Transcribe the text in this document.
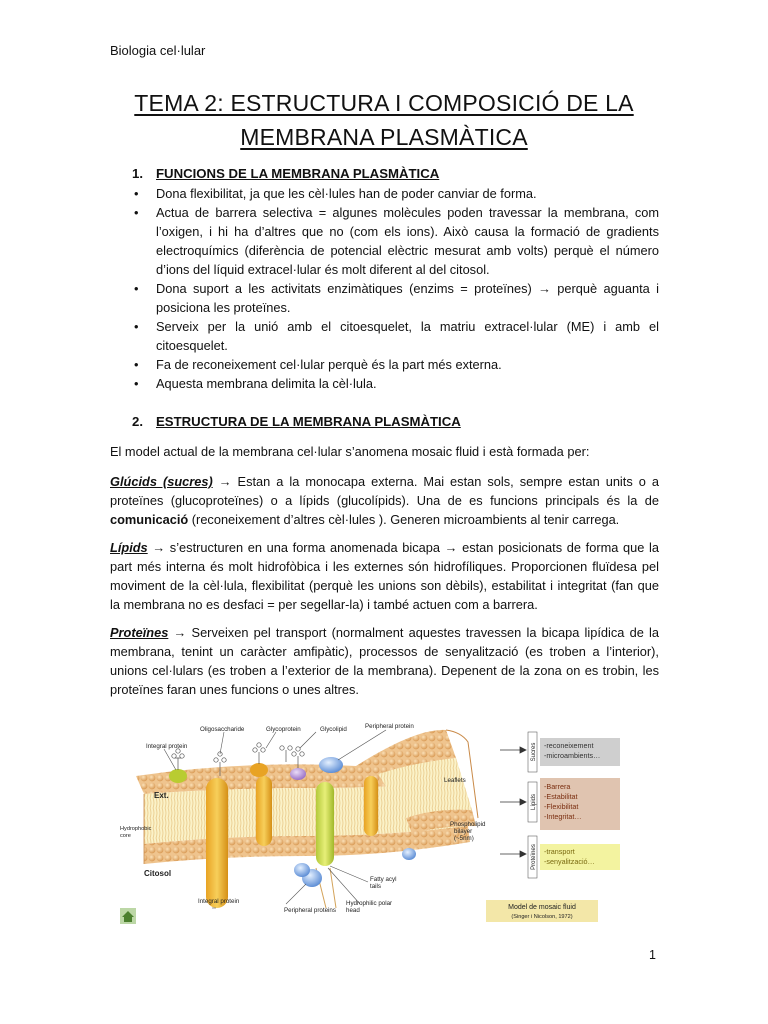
Biologia cel·lular
TEMA 2: ESTRUCTURA I COMPOSICIÓ DE LA
MEMBRANA PLASMÀTICA
1. FUNCIONS DE LA MEMBRANA PLASMÀTICA
• Dona flexibilitat, ja que les cèl·lules han de poder canviar de forma.
• Actua de barrera selectiva = algunes molècules poden travessar la membrana, com l’oxigen, i hi ha d’altres que no (com els ions). Això causa la formació de gradients electroquímics (diferència de potencial elèctric mesurat amb volts) perquè el número d’ions del líquid extracel·lular és molt diferent al del citosol.
• Dona suport a les activitats enzimàtiques (enzims = proteïnes) → perquè aguanta i posiciona les proteïnes.
• Serveix per la unió amb el citoesquelet, la matriu extracel·lular (ME) i amb el citoesquelet.
• Fa de reconeixement cel·lular perquè és la part més externa.
• Aquesta membrana delimita la cèl·lula.
2. ESTRUCTURA DE LA MEMBRANA PLASMÀTICA

El model actual de la membrana cel·lular s’anomena mosaic fluid i està formada per:

Glúcids (sucres) → Estan a la monocapa externa. Mai estan sols, sempre estan units o a proteïnes (glucoproteïnes) o a lípids (glucolípids). Una de es funcions principals és la de comunicació (reconeixement d’altres cèl·lules ). Generen microambients al tenir carrega.

Lípids → s’estructuren en una forma anomenada bicapa → estan posicionats de forma que la part més interna és molt hidrofòbica i les externes són hidrofíliques. Proporcionen fluïdesa pel moviment de la cèl·lula, flexibilitat (perquè les unions son dèbils), estabilitat i integritat (fan que la membrana no es desfaci = per segellar-la) i també actuen com a barrera.

Proteïnes → Serveixen pel transport (normalment aquestes travessen la bicapa lipídica de la membrana, tenint un caràcter amfipàtic), processos de senyalització (es troben a l’interior), unions cel·lulars (es troben a l’exterior de la membrana). Depenent de la zona on es trobin, les proteïnes faran unes funcions o unes altres.

Oligosaccharide	Glycoprotein	Glycolipid	Peripheral protein
Integral protein
Leaflets
Ext.
Hydrophobic
core
Phospholipid
bilayer
(~5nm)
Citosol
Integral protein
Peripheral proteins
Fatty acyl
tails
Hydrophilic polar
head
Sucres -reconeixement
-microambients…
Lípids
-Barrera
-Estabilitat
-Flexibilitat
-Integritat…
Proteïnes -transport
-senyalització…
Model de mosaic fluid
(Singer i Nicolson, 1972)
1
